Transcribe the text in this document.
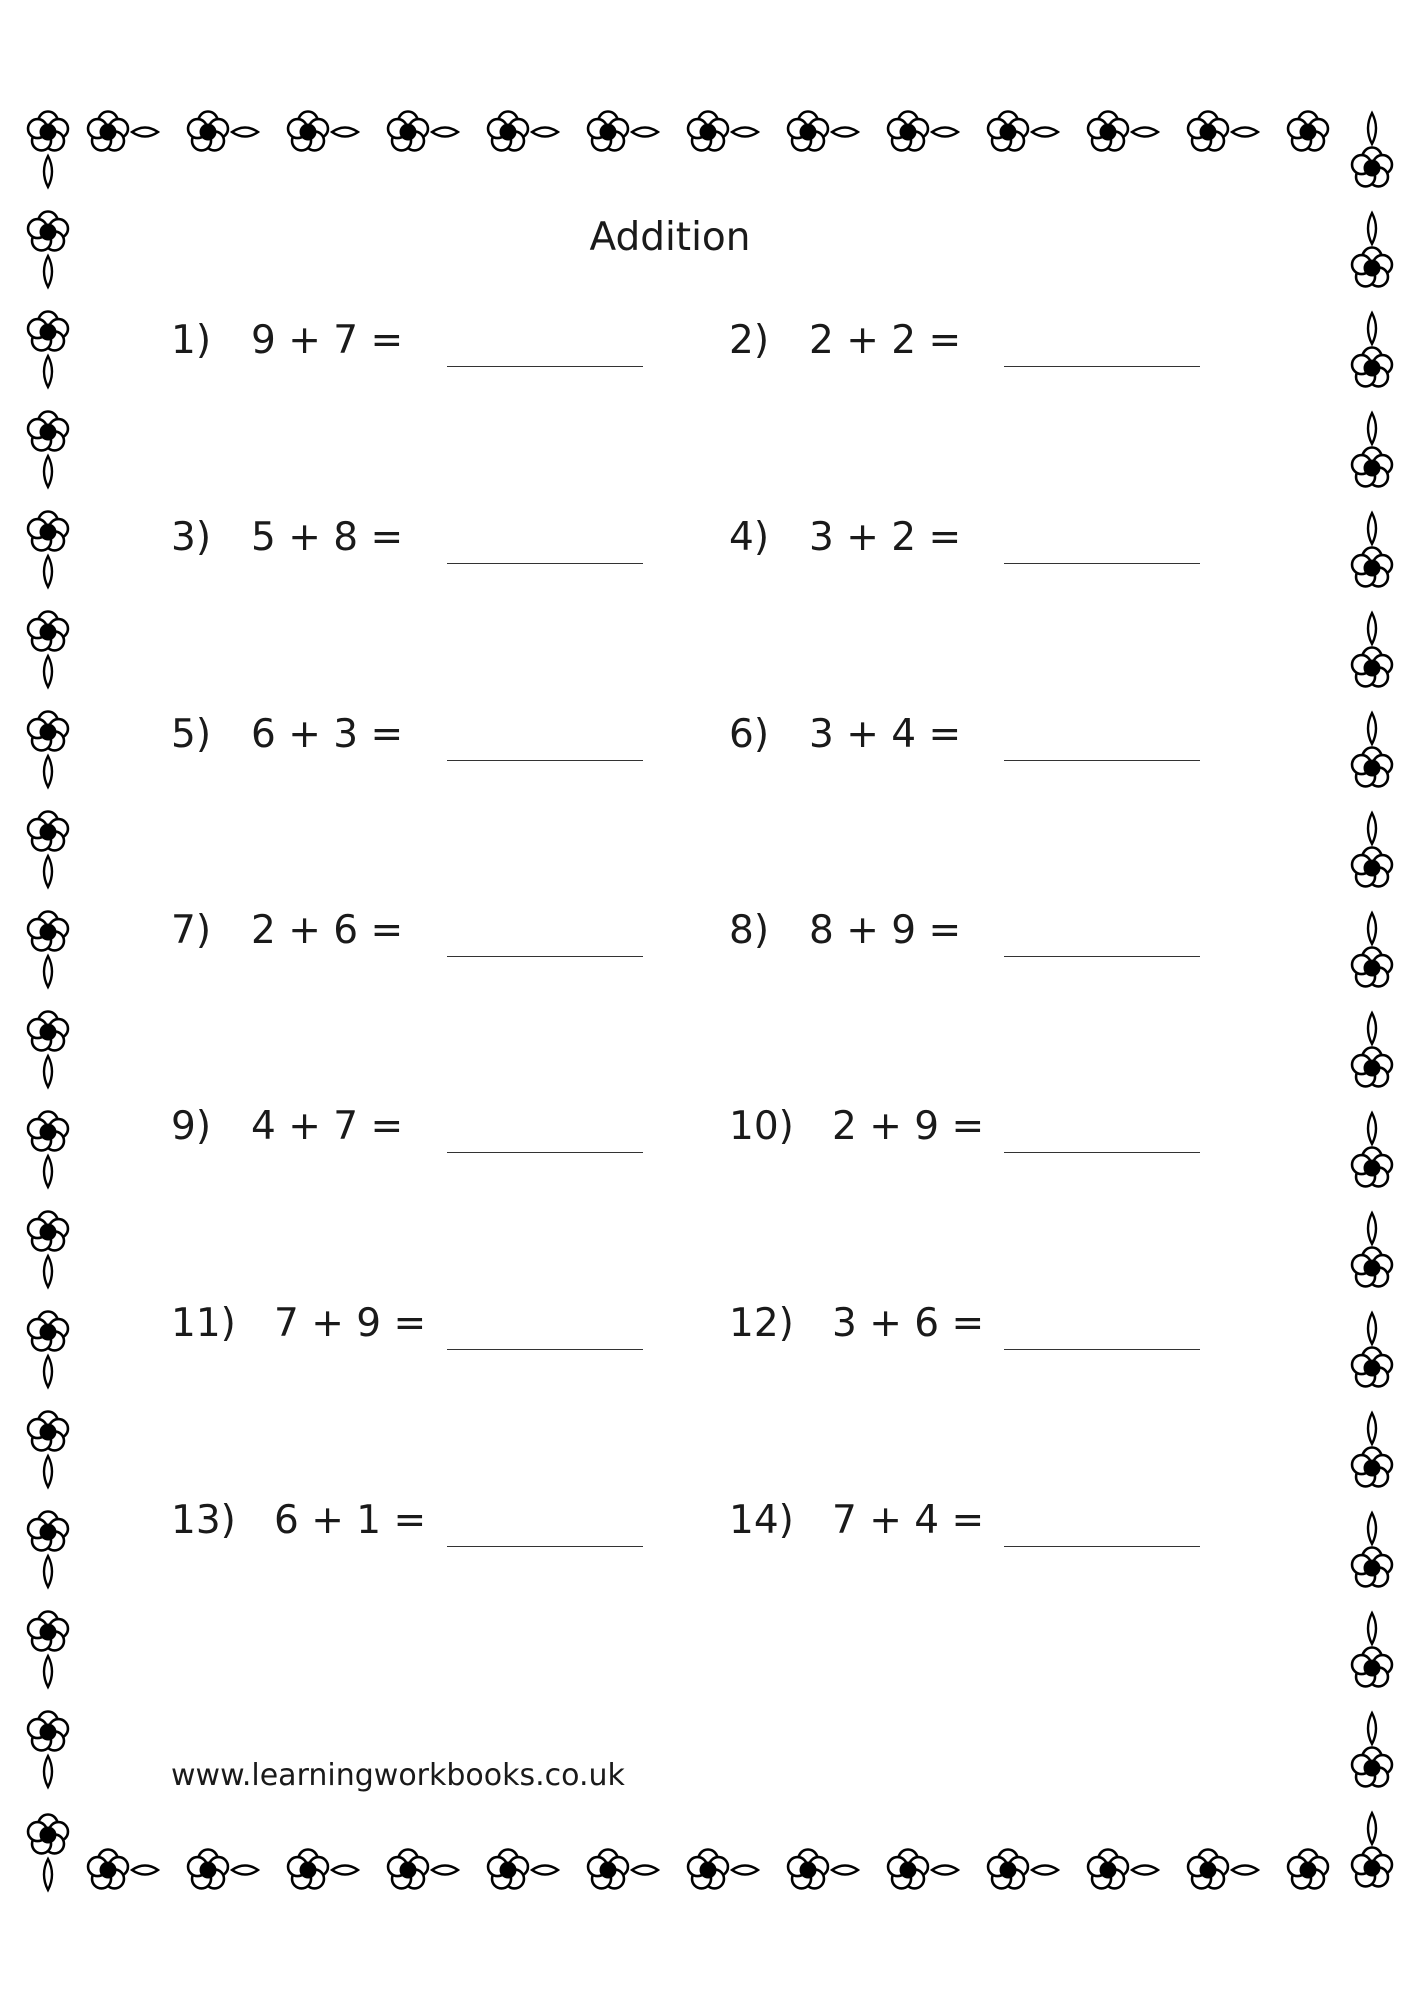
Addition
1) 9 + 7 =	2) 2 + 2 =
3) 5 + 8 =	4) 3 + 2 =
5) 6 + 3 =	6) 3 + 4 =
7) 2 + 6 =	8) 8 + 9 =
9) 4 + 7 =	10) 2 + 9 =
11) 7 + 9 =	12) 3 + 6 =
13) 6 + 1 =	14) 7 + 4 =
www.learningworkbooks.co.uk
